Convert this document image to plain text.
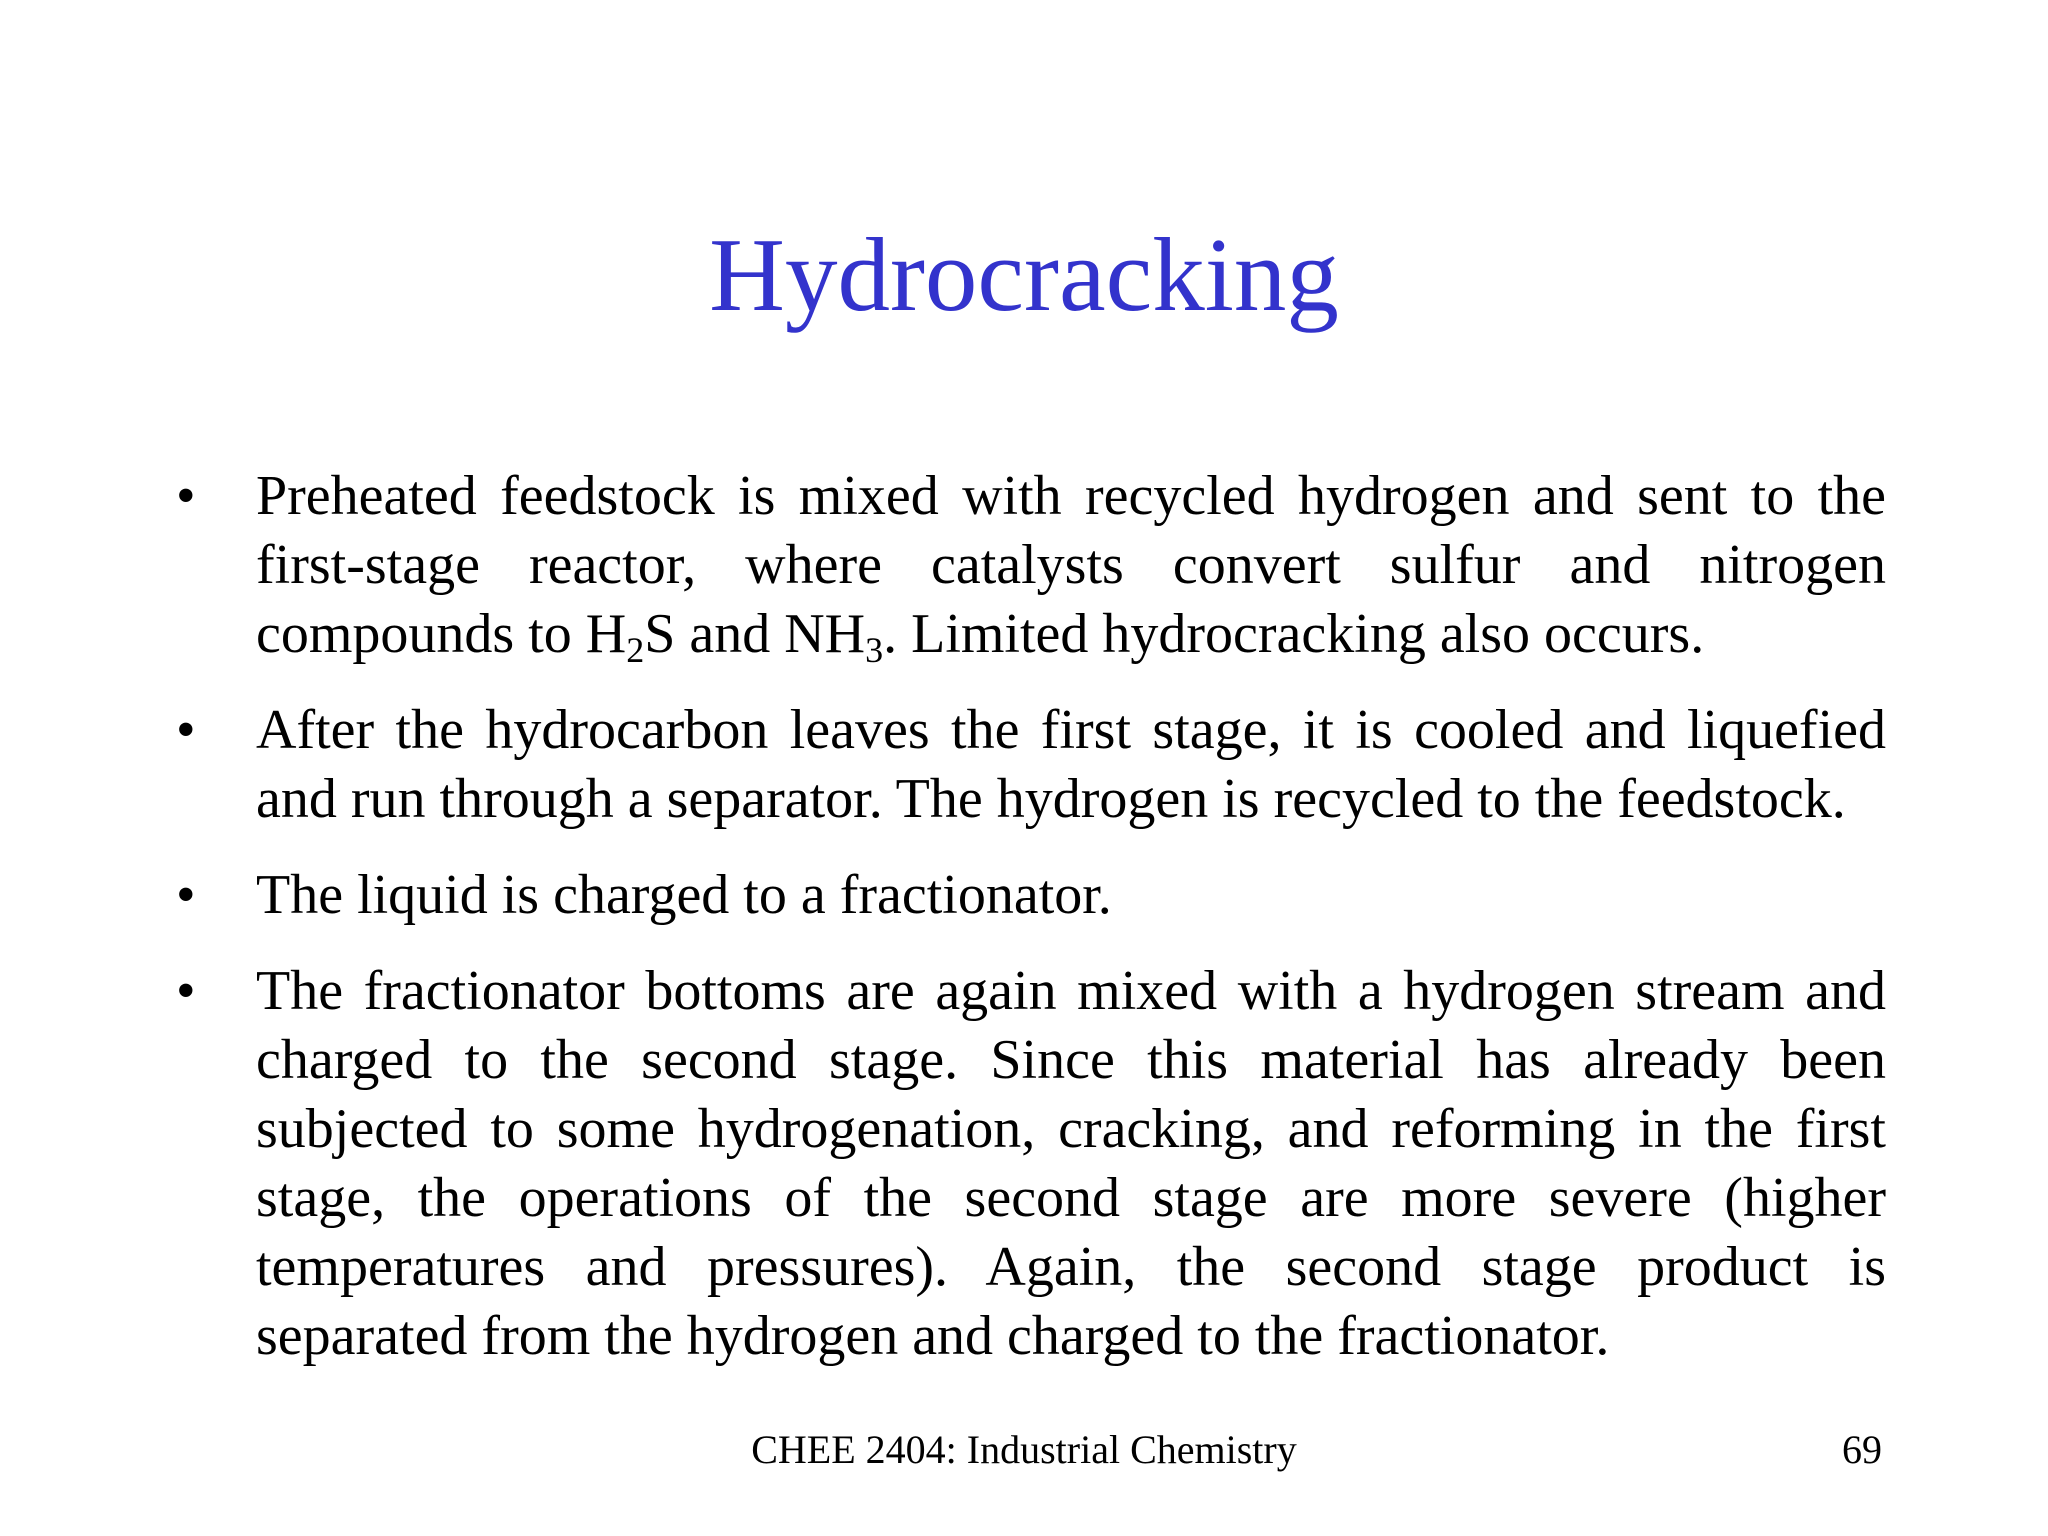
Hydrocracking
• Preheated feedstock is mixed with recycled hydrogen and sent to the first-stage reactor, where catalysts convert sulfur and nitrogen compounds to $H_2S$ and $NH_3$. Limited hydrocracking also occurs.
• After the hydrocarbon leaves the first stage, it is cooled and liquefied and run through a separator. The hydrogen is recycled to the feedstock.
• The liquid is charged to a fractionator.
• The fractionator bottoms are again mixed with a hydrogen stream and charged to the second stage. Since this material has already been subjected to some hydrogenation, cracking, and reforming in the first stage, the operations of the second stage are more severe (higher temperatures and pressures). Again, the second stage product is separated from the hydrogen and charged to the fractionator.
CHEE 2404: Industrial Chemistry	69
